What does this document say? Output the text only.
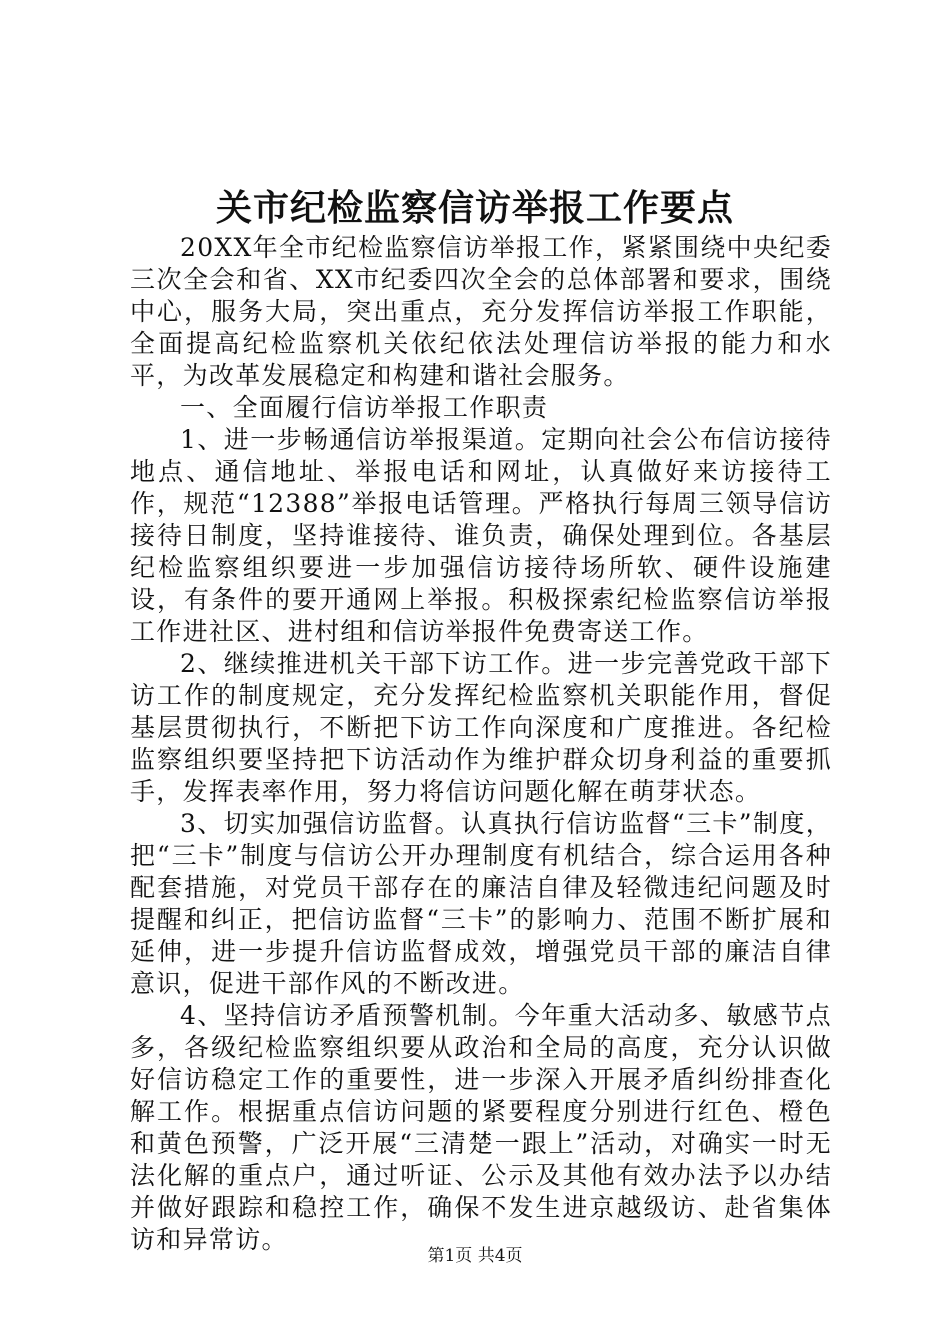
关市纪检监察信访举报工作要点

20XX年全市纪检监察信访举报工作，紧紧围绕中央纪委三次全会和省、XX市纪委四次全会的总体部署和要求，围绕中心，服务大局，突出重点，充分发挥信访举报工作职能，全面提高纪检监察机关依纪依法处理信访举报的能力和水平，为改革发展稳定和构建和谐社会服务。

一、全面履行信访举报工作职责

1、进一步畅通信访举报渠道。定期向社会公布信访接待地点、通信地址、举报电话和网址，认真做好来访接待工作，规范“12388”举报电话管理。严格执行每周三领导信访接待日制度，坚持谁接待、谁负责，确保处理到位。各基层纪检监察组织要进一步加强信访接待场所软、硬件设施建设，有条件的要开通网上举报。积极探索纪检监察信访举报工作进社区、进村组和信访举报件免费寄送工作。

2、继续推进机关干部下访工作。进一步完善党政干部下访工作的制度规定，充分发挥纪检监察机关职能作用，督促基层贯彻执行，不断把下访工作向深度和广度推进。各纪检监察组织要坚持把下访活动作为维护群众切身利益的重要抓手，发挥表率作用，努力将信访问题化解在萌芽状态。

3、切实加强信访监督。认真执行信访监督“三卡”制度，把“三卡”制度与信访公开办理制度有机结合，综合运用各种配套措施，对党员干部存在的廉洁自律及轻微违纪问题及时提醒和纠正，把信访监督“三卡”的影响力、范围不断扩展和延伸，进一步提升信访监督成效，增强党员干部的廉洁自律意识，促进干部作风的不断改进。

4、坚持信访矛盾预警机制。今年重大活动多、敏感节点多，各级纪检监察组织要从政治和全局的高度，充分认识做好信访稳定工作的重要性，进一步深入开展矛盾纠纷排查化解工作。根据重点信访问题的紧要程度分别进行红色、橙色和黄色预警，广泛开展“三清楚一跟上”活动，对确实一时无法化解的重点户，通过听证、公示及其他有效办法予以办结并做好跟踪和稳控工作，确保不发生进京越级访、赴省集体访和异常访。

第1页 共4页
